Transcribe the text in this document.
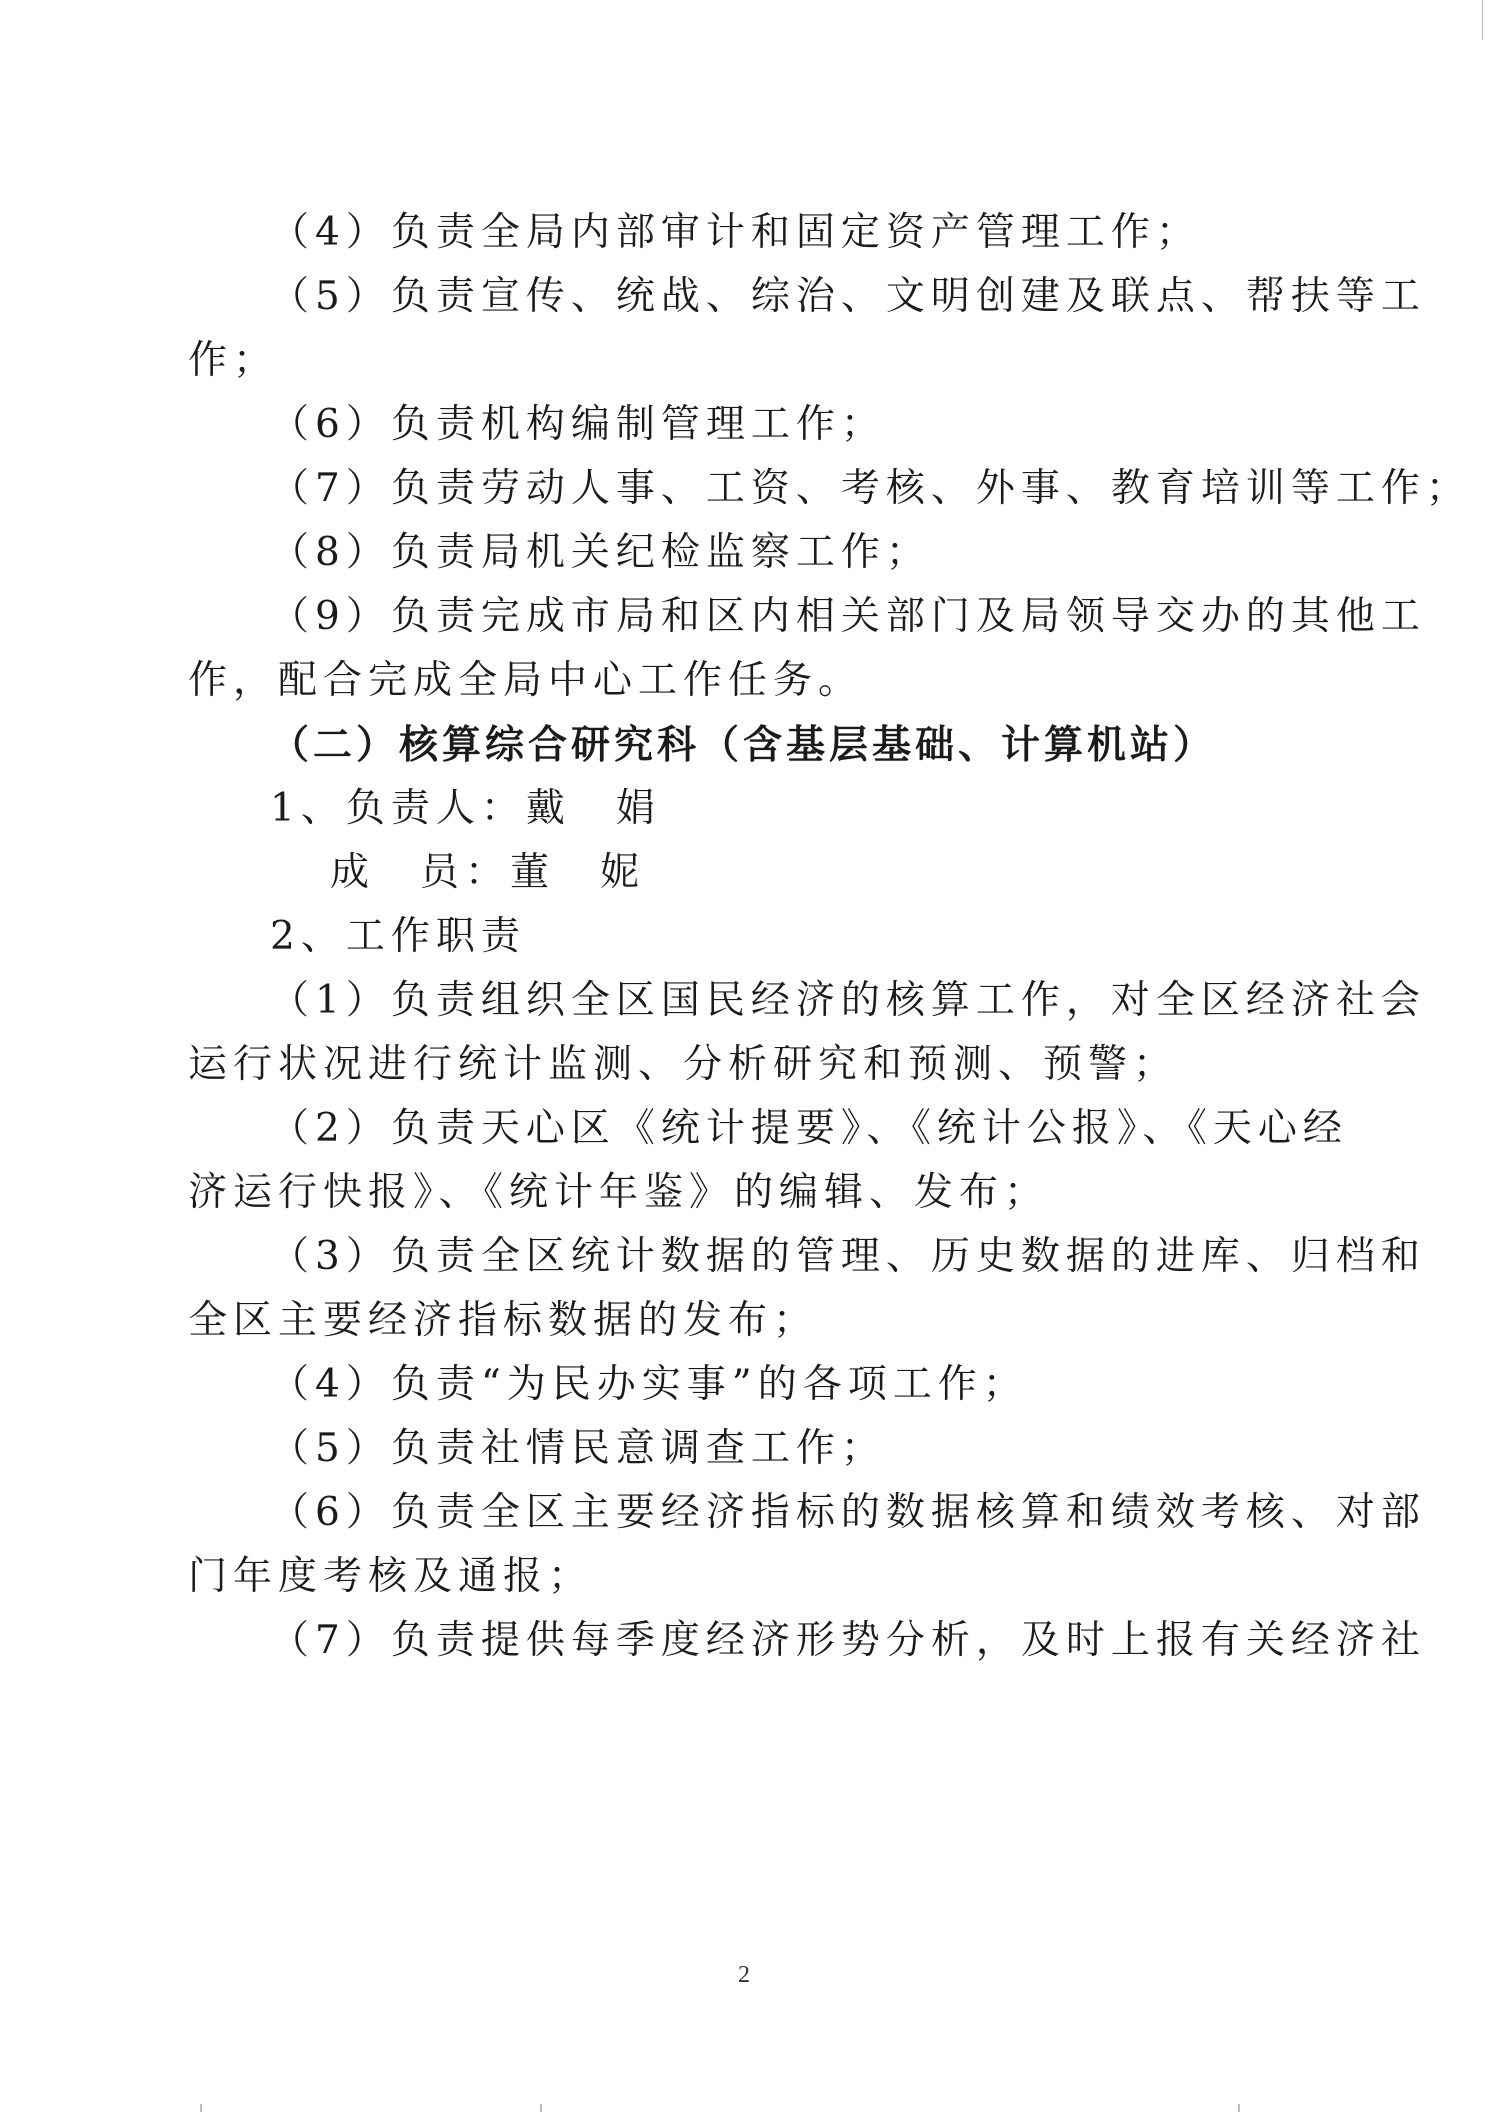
（4）负责全局内部审计和固定资产管理工作；
（5）负责宣传、统战、综治、文明创建及联点、帮扶等工
作；
（6）负责机构编制管理工作；
（7）负责劳动人事、工资、考核、外事、教育培训等工作；
（8）负责局机关纪检监察工作；
（9）负责完成市局和区内相关部门及局领导交办的其他工
作，配合完成全局中心工作任务。
（二）核算综合研究科（含基层基础、计算机站）
1、负责人：戴　娟
成　员：董　妮
2、工作职责
（1）负责组织全区国民经济的核算工作，对全区经济社会
运行状况进行统计监测、分析研究和预测、预警；
（2）负责天心区《统计提要》、《统计公报》、《天心经
济运行快报》、《统计年鉴》的编辑、发布；
（3）负责全区统计数据的管理、历史数据的进库、归档和
全区主要经济指标数据的发布；
（4）负责“为民办实事”的各项工作；
（5）负责社情民意调查工作；
（6）负责全区主要经济指标的数据核算和绩效考核、对部
门年度考核及通报；
（7）负责提供每季度经济形势分析，及时上报有关经济社
2
